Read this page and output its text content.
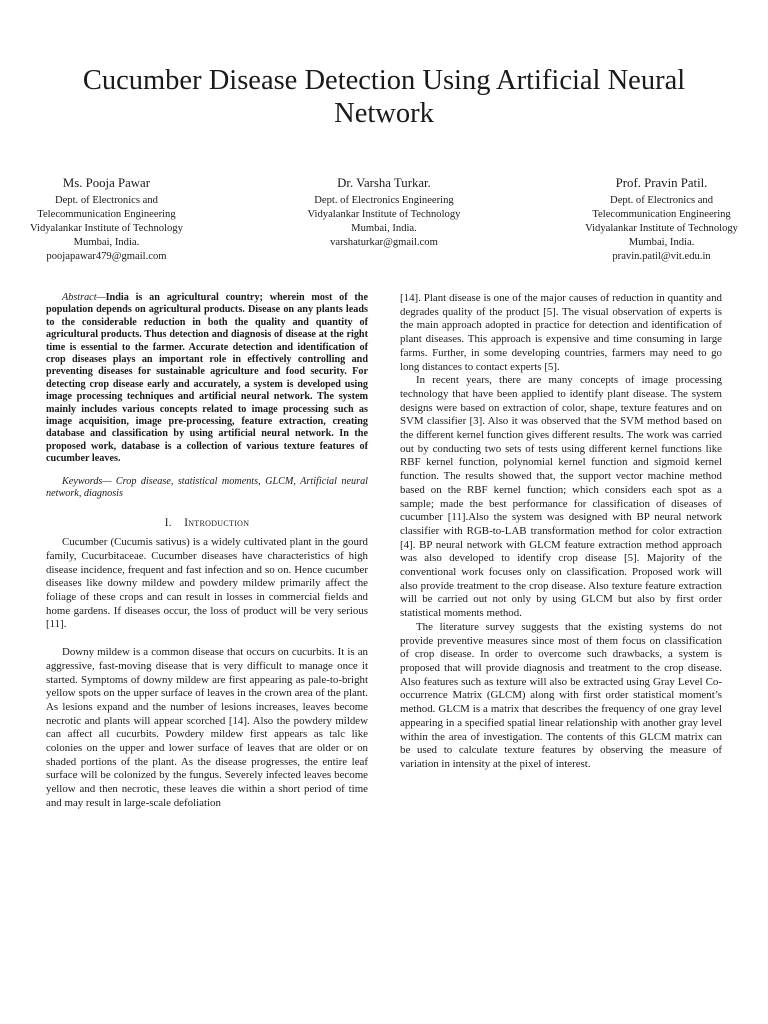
Cucumber Disease Detection Using Artificial Neural Network
Ms. Pooja Pawar
Dept. of Electronics and
Telecommunication Engineering
Vidyalankar Institute of Technology
Mumbai, India.
poojapawar479@gmail.com
Dr. Varsha Turkar.
Dept. of Electronics Engineering
Vidyalankar Institute of Technology
Mumbai, India.
varshaturkar@gmail.com
Prof. Pravin Patil.
Dept. of Electronics and
Telecommunication Engineering
Vidyalankar Institute of Technology
Mumbai, India.
pravin.patil@vit.edu.in
Abstract—India is an agricultural country; wherein most of the population depends on agricultural products. Disease on any plants leads to the considerable reduction in both the quality and quantity of agricultural products. Thus detection and diagnosis of disease at the right time is essential to the farmer. Accurate detection and identification of crop diseases plays an important role in effectively controlling and preventing diseases for sustainable agriculture and food security. For detecting crop disease early and accurately, a system is developed using image processing techniques and artificial neural network. The system mainly includes various concepts related to image processing such as image acquisition, image pre-processing, feature extraction, creating database and classification by using artificial neural network. In the proposed work, database is a collection of various texture features of cucumber leaves.
Keywords— Crop disease, statistical moments, GLCM, Artificial neural network, diagnosis
I. Introduction

Cucumber (Cucumis sativus) is a widely cultivated plant in the gourd family, Cucurbitaceae. Cucumber diseases have characteristics of high disease incidence, frequent and fast infection and so on. Hence cucumber diseases like downy mildew and powdery mildew primarily affect the foliage of these crops and can result in losses in commercial fields and home gardens. If diseases occur, the loss of product will be very serious [11].

Downy mildew is a common disease that occurs on cucurbits. It is an aggressive, fast-moving disease that is very difficult to manage once it started. Symptoms of downy mildew are first appearing as pale-to-bright yellow spots on the upper surface of leaves in the crown area of the plant. As lesions expand and the number of lesions increases, leaves become necrotic and plants will appear scorched [14]. Also the powdery mildew can affect all cucurbits. Powdery mildew first appears as talc like colonies on the upper and lower surface of leaves that are older or on shaded portions of the plant. As the disease progresses, the entire leaf surface will be colonized by the fungus. Severely infected leaves become yellow and then necrotic, these leaves die within a short period of time and may result in large-scale defoliation

[14]. Plant disease is one of the major causes of reduction in quantity and degrades quality of the product [5]. The visual observation of experts is the main approach adopted in practice for detection and identification of plant diseases. This approach is expensive and time consuming in large farms. Further, in some developing countries, farmers may need to go long distances to contact experts [5].

In recent years, there are many concepts of image processing technology that have been applied to identify plant disease. The system designs were based on extraction of color, shape, texture features and on SVM classifier [3]. Also it was observed that the SVM method based on the different kernel function gives different results. The work was carried out by conducting two sets of tests using different kernel functions like RBF kernel function, polynomial kernel function and sigmoid kernel function. The results showed that, the support vector machine method based on the RBF kernel function; which considers each spot as a sample; made the best performance for classification of diseases of cucumber [11].Also the system was designed with BP neural network classifier with RGB-to-LAB transformation method for color extraction [4]. BP neural network with GLCM feature extraction method approach was also developed to identify crop disease [5]. Majority of the conventional work focuses only on classification. Proposed work will also provide treatment to the crop disease. Also texture feature extraction will be carried out not only by using GLCM but also by first order statistical moments method.

The literature survey suggests that the existing systems do not provide preventive measures since most of them focus on classification of crop disease. In order to overcome such drawbacks, a system is proposed that will provide diagnosis and treatment to the crop disease. Also features such as texture will also be extracted using Gray Level Co-occurrence Matrix (GLCM) along with first order statistical moment’s method. GLCM is a matrix that describes the frequency of one gray level appearing in a specified spatial linear relationship with another gray level within the area of investigation. The contents of this GLCM matrix can be used to calculate texture features by observing the measure of variation in intensity at the pixel of interest.
